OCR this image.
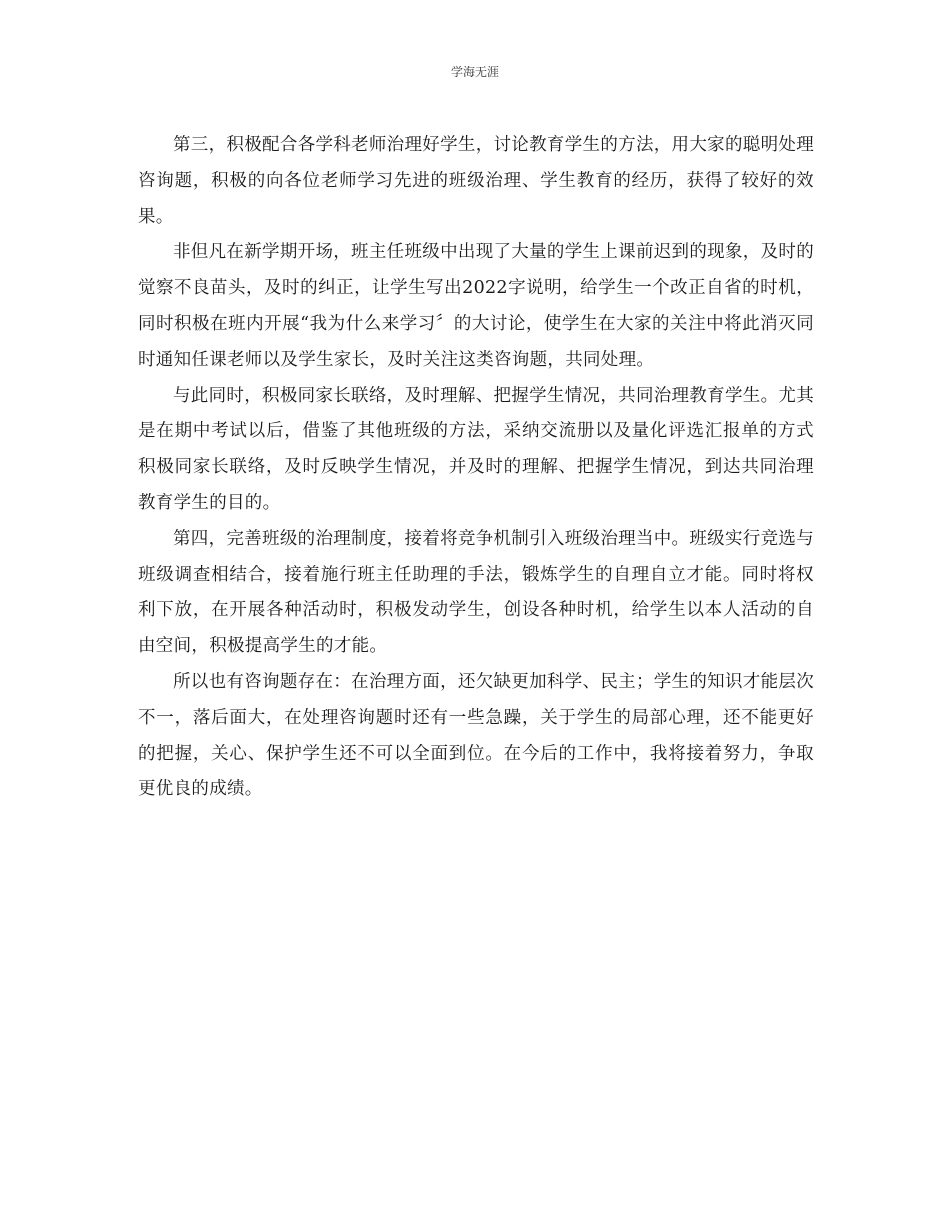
学海无涯

第三，积极配合各学科老师治理好学生，讨论教育学生的方法，用大家的聪明处理咨询题，积极的向各位老师学习先进的班级治理、学生教育的经历，获得了较好的效果。

非但凡在新学期开场，班主任班级中出现了大量的学生上课前迟到的现象，及时的觉察不良苗头，及时的纠正，让学生写出2022字说明，给学生一个改正自省的时机，同时积极在班内开展“我为什么来学习〞的大讨论，使学生在大家的关注中将此消灭同时通知任课老师以及学生家长，及时关注这类咨询题，共同处理。

与此同时，积极同家长联络，及时理解、把握学生情况，共同治理教育学生。尤其是在期中考试以后，借鉴了其他班级的方法，采纳交流册以及量化评选汇报单的方式积极同家长联络，及时反映学生情况，并及时的理解、把握学生情况，到达共同治理教育学生的目的。

第四，完善班级的治理制度，接着将竞争机制引入班级治理当中。班级实行竞选与班级调查相结合，接着施行班主任助理的手法，锻炼学生的自理自立才能。同时将权利下放，在开展各种活动时，积极发动学生，创设各种时机，给学生以本人活动的自由空间，积极提高学生的才能。

所以也有咨询题存在：在治理方面，还欠缺更加科学、民主；学生的知识才能层次不一，落后面大，在处理咨询题时还有一些急躁，关于学生的局部心理，还不能更好的把握，关心、保护学生还不可以全面到位。在今后的工作中，我将接着努力，争取更优良的成绩。
